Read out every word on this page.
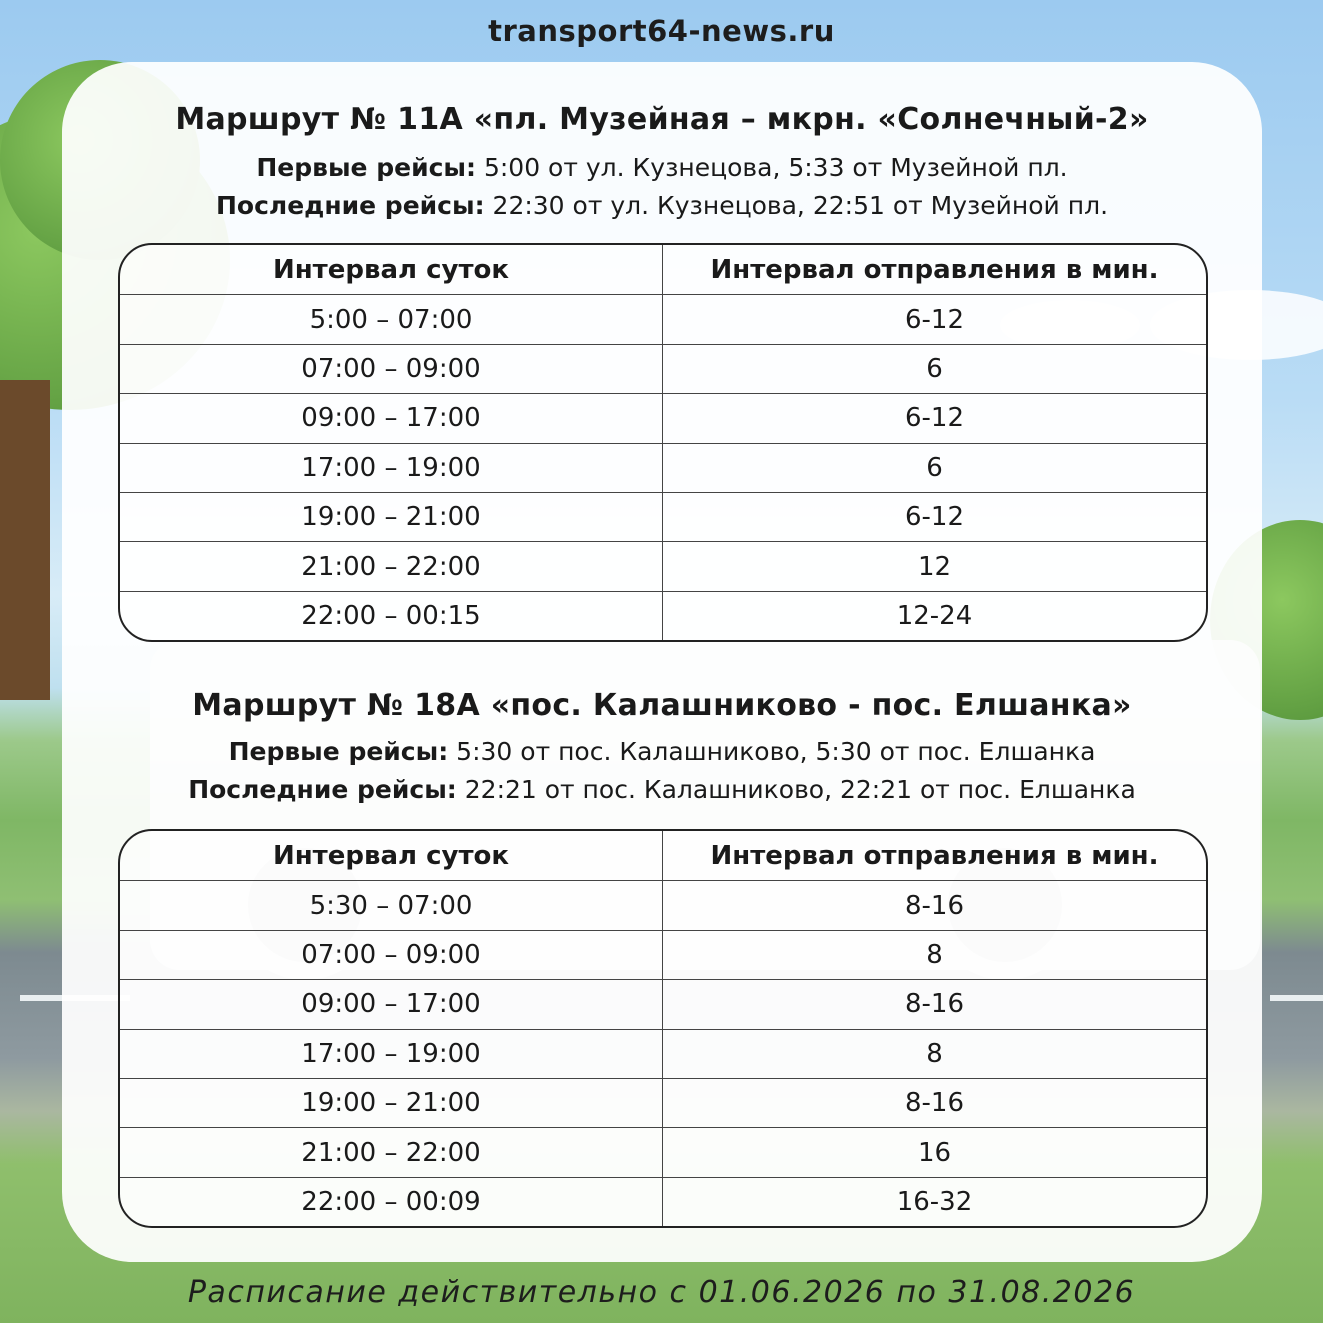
transport64-news.ru
Маршрут № 11А «пл. Музейная – мкрн. «Солнечный-2»
Первые рейсы: 5:00 от ул. Кузнецова, 5:33 от Музейной пл.
Последние рейсы: 22:30 от ул. Кузнецова, 22:51 от Музейной пл.
Интервал суток	Интервал отправления в мин.
5:00 – 07:00	6-12
07:00 – 09:00	6
09:00 – 17:00	6-12
17:00 – 19:00	6
19:00 – 21:00	6-12
21:00 – 22:00	12
22:00 – 00:15	12-24
Маршрут № 18А «пос. Калашниково - пос. Елшанка»
Первые рейсы: 5:30 от пос. Калашниково, 5:30 от пос. Елшанка
Последние рейсы: 22:21 от пос. Калашниково, 22:21 от пос. Елшанка
Интервал суток	Интервал отправления в мин.
5:30 – 07:00	8-16
07:00 – 09:00	8
09:00 – 17:00	8-16
17:00 – 19:00	8
19:00 – 21:00	8-16
21:00 – 22:00	16
22:00 – 00:09	16-32
Расписание действительно с 01.06.2026 по 31.08.2026
